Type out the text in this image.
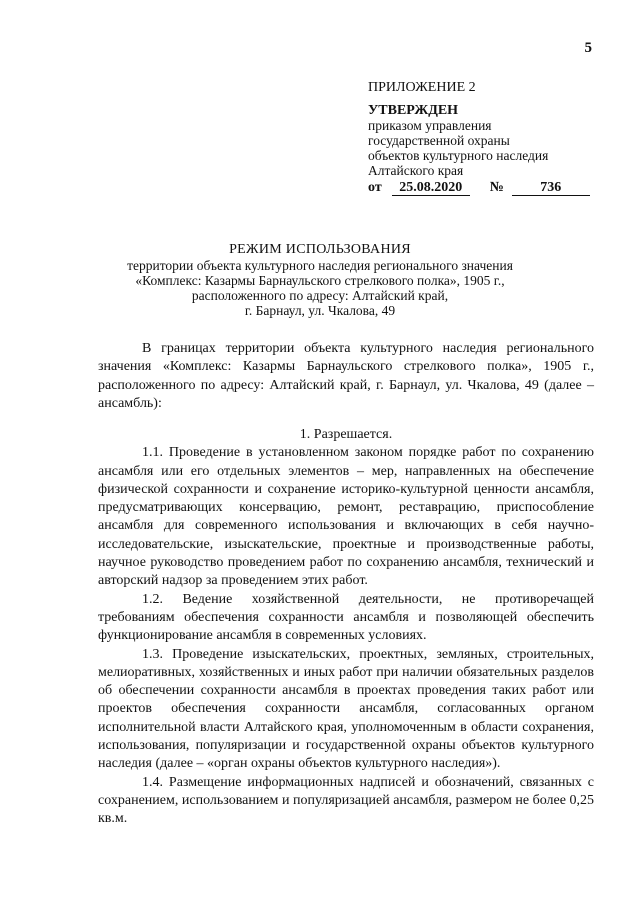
5
ПРИЛОЖЕНИЕ 2
УТВЕРЖДЕН
приказом управления
государственной охраны
объектов культурного наследия
Алтайского края
от	25.08.2020	№	736
РЕЖИМ ИСПОЛЬЗОВАНИЯ
территории объекта культурного наследия регионального значения
«Комплекс: Казармы Барнаульского стрелкового полка», 1905 г.,
расположенного по адресу: Алтайский край,
г. Барнаул, ул. Чкалова, 49

В границах территории объекта культурного наследия регионального значения «Комплекс: Казармы Барнаульского стрелкового полка», 1905 г., расположенного по адресу: Алтайский край, г. Барнаул, ул. Чкалова, 49 (далее – ансамбль):

1. Разрешается.

1.1. Проведение в установленном законом порядке работ по сохранению ансамбля или его отдельных элементов – мер, направленных на обеспечение физической сохранности и сохранение историко-культурной ценности ансамбля, предусматривающих консервацию, ремонт, реставрацию, приспособление ансамбля для современного использования и включающих в себя научно-исследовательские, изыскательские, проектные и производственные работы, научное руководство проведением работ по сохранению ансамбля, технический и авторский надзор за проведением этих работ.

1.2. Ведение хозяйственной деятельности, не противоречащей требованиям обеспечения сохранности ансамбля и позволяющей обеспечить функционирование ансамбля в современных условиях.

1.3. Проведение изыскательских, проектных, земляных, строительных, мелиоративных, хозяйственных и иных работ при наличии обязательных разделов об обеспечении сохранности ансамбля в проектах проведения таких работ или проектов обеспечения сохранности ансамбля, согласованных органом исполнительной власти Алтайского края, уполномоченным в области сохранения, использования, популяризации и государственной охраны объектов культурного наследия (далее – «орган охраны объектов культурного наследия»).

1.4. Размещение информационных надписей и обозначений, связанных с сохранением, использованием и популяризацией ансамбля, размером не более 0,25 кв.м.
